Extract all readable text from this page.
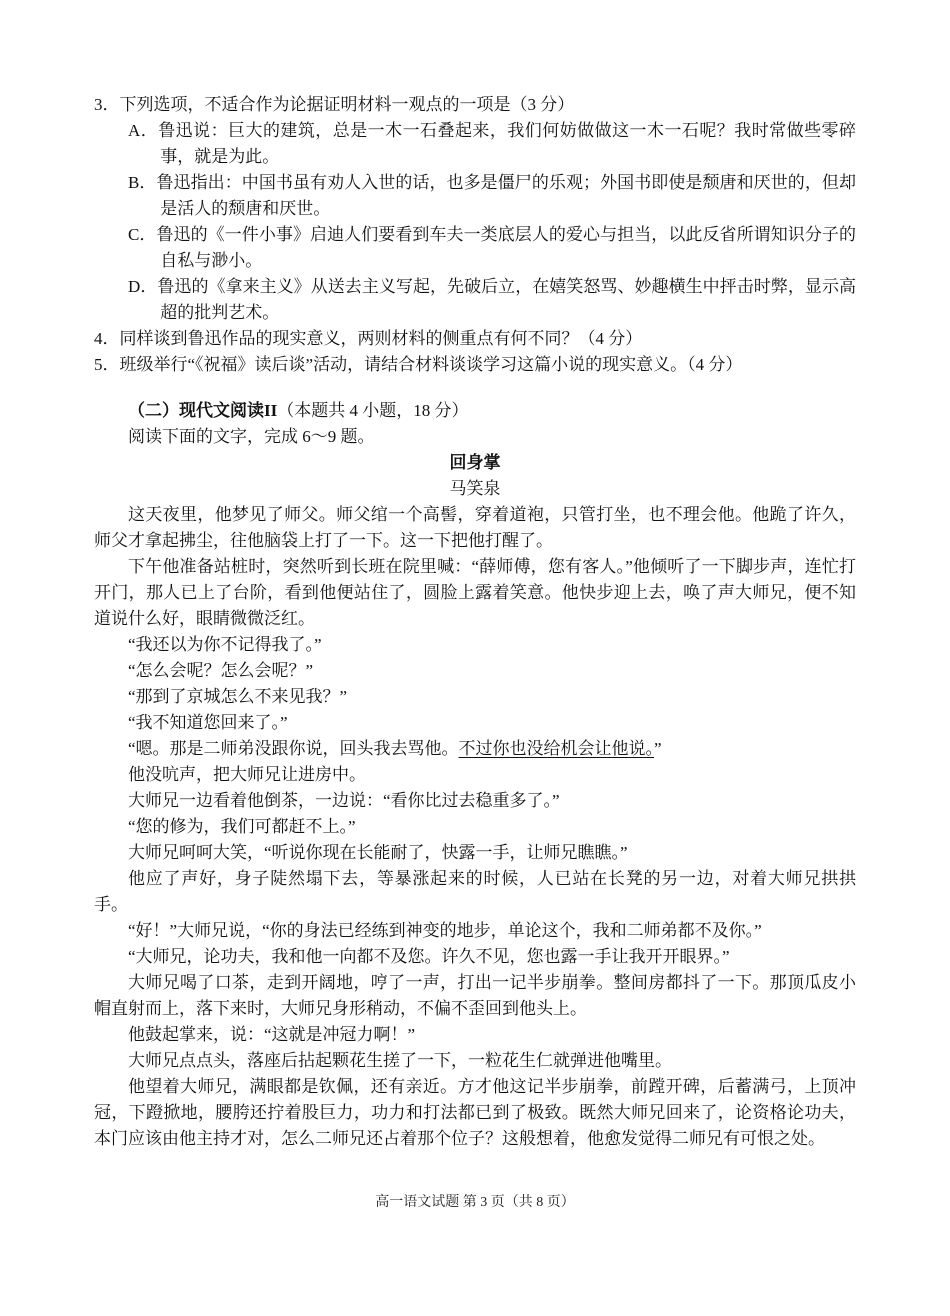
3．下列选项，不适合作为论据证明材料一观点的一项是（3 分）

A．鲁迅说：巨大的建筑，总是一木一石叠起来，我们何妨做做这一木一石呢？我时常做些零碎事，就是为此。

B．鲁迅指出：中国书虽有劝人入世的话，也多是僵尸的乐观；外国书即使是颓唐和厌世的，但却是活人的颓唐和厌世。

C．鲁迅的《一件小事》启迪人们要看到车夫一类底层人的爱心与担当，以此反省所谓知识分子的自私与渺小。

D．鲁迅的《拿来主义》从送去主义写起，先破后立，在嬉笑怒骂、妙趣横生中抨击时弊，显示高超的批判艺术。

4．同样谈到鲁迅作品的现实意义，两则材料的侧重点有何不同？（4 分）

5．班级举行“《祝福》读后谈”活动，请结合材料谈谈学习这篇小说的现实意义。（4 分）

（二）现代文阅读II（本题共 4 小题，18 分）

阅读下面的文字，完成 6～9 题。

回身掌

马笑泉

这天夜里，他梦见了师父。师父绾一个高髻，穿着道袍，只管打坐，也不理会他。他跪了许久，师父才拿起拂尘，往他脑袋上打了一下。这一下把他打醒了。

下午他准备站桩时，突然听到长班在院里喊：“薛师傅，您有客人。”他倾听了一下脚步声，连忙打开门，那人已上了台阶，看到他便站住了，圆脸上露着笑意。他快步迎上去，唤了声大师兄，便不知道说什么好，眼睛微微泛红。

“我还以为你不记得我了。”

“怎么会呢？怎么会呢？”

“那到了京城怎么不来见我？”

“我不知道您回来了。”

“嗯。那是二师弟没跟你说，回头我去骂他。不过你也没给机会让他说。”

他没吭声，把大师兄让进房中。

大师兄一边看着他倒茶，一边说：“看你比过去稳重多了。”

“您的修为，我们可都赶不上。”

大师兄呵呵大笑，“听说你现在长能耐了，快露一手，让师兄瞧瞧。”

他应了声好，身子陡然塌下去，等暴涨起来的时候，人已站在长凳的另一边，对着大师兄拱拱手。

“好！”大师兄说，“你的身法已经练到神变的地步，单论这个，我和二师弟都不及你。”

“大师兄，论功夫，我和他一向都不及您。许久不见，您也露一手让我开开眼界。”

大师兄喝了口茶，走到开阔地，哼了一声，打出一记半步崩拳。整间房都抖了一下。那顶瓜皮小帽直射而上，落下来时，大师兄身形稍动，不偏不歪回到他头上。

他鼓起掌来，说：“这就是冲冠力啊！”

大师兄点点头，落座后拈起颗花生搓了一下，一粒花生仁就弹进他嘴里。

他望着大师兄，满眼都是钦佩，还有亲近。方才他这记半步崩拳，前蹚开碑，后蓄满弓，上顶冲冠，下蹬掀地，腰胯还拧着股巨力，功力和打法都已到了极致。既然大师兄回来了，论资格论功夫，本门应该由他主持才对，怎么二师兄还占着那个位子？这般想着，他愈发觉得二师兄有可恨之处。

高一语文试题 第 3 页（共 8 页）
